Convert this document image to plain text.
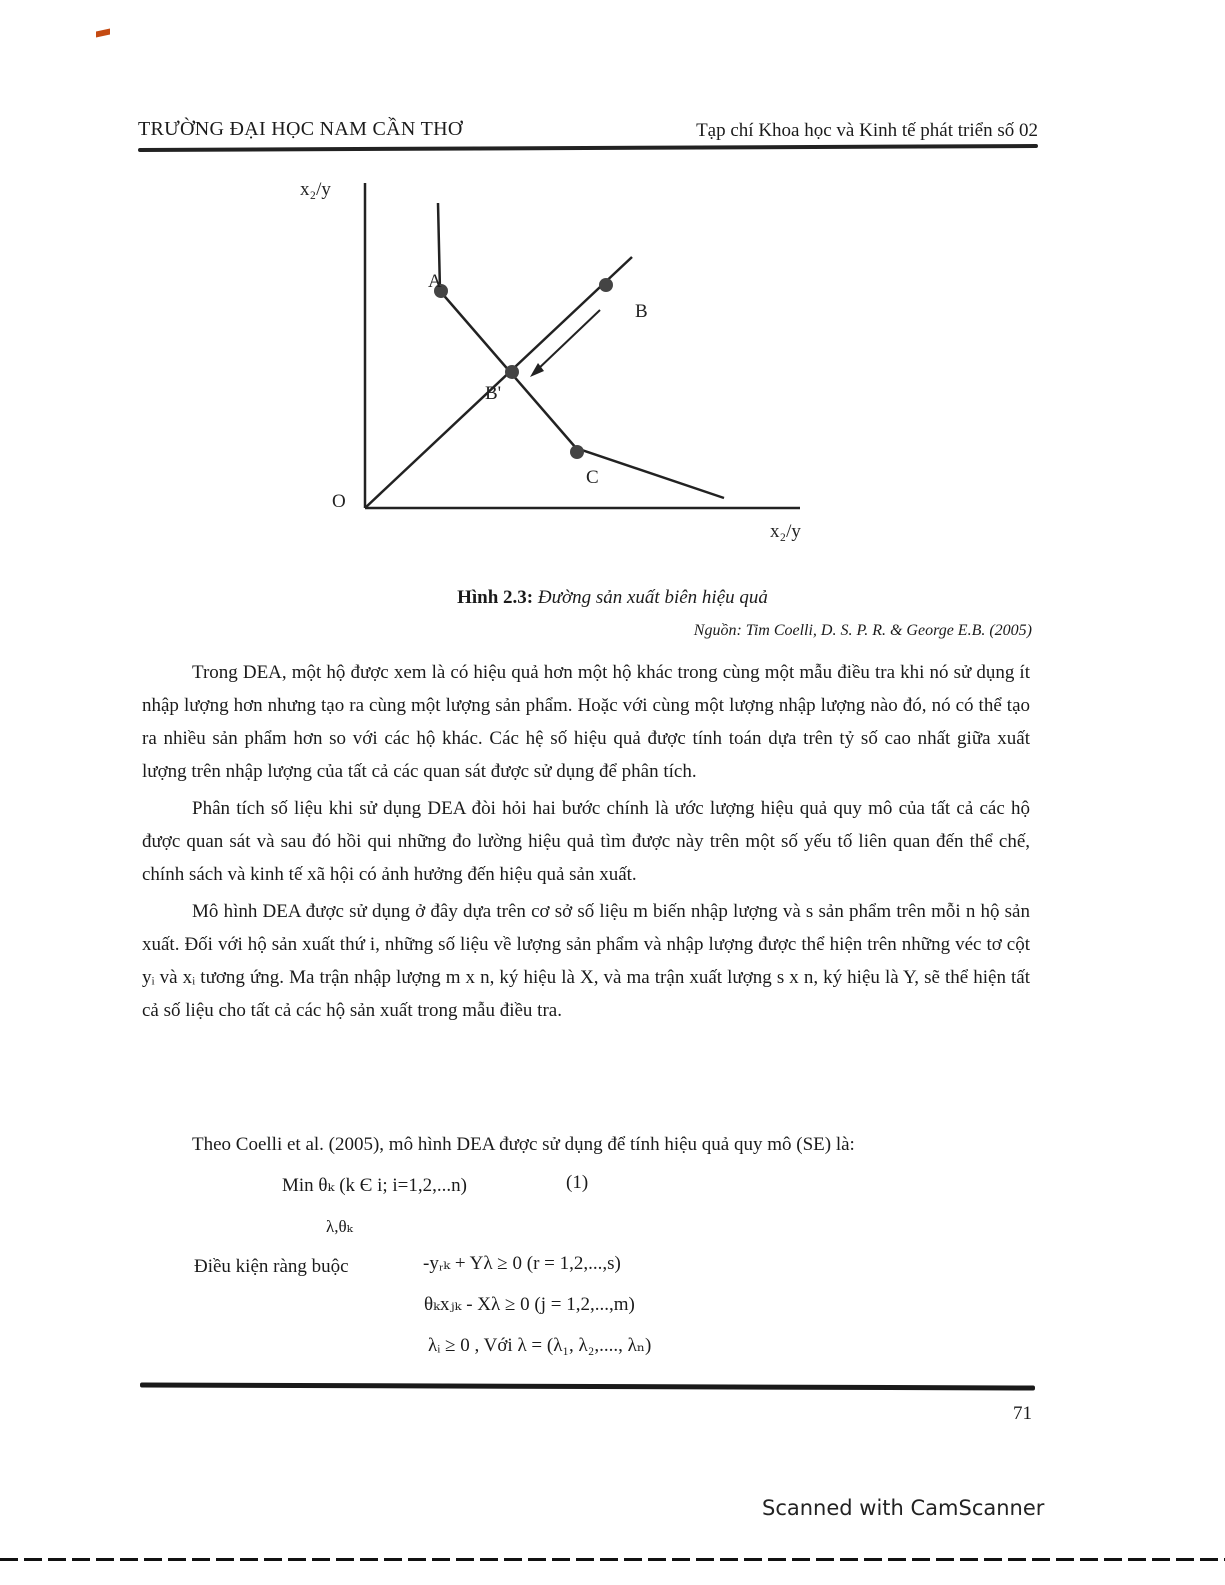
TRƯỜNG ĐẠI HỌC NAM CẦN THƠ	Tạp chí Khoa học và Kinh tế phát triển số 02
x₂/y
x₂/y
O
A
B
B'
C
Hình 2.3: Đường sản xuất biên hiệu quả
Nguồn: Tim Coelli, D. S. P. R. & George E.B. (2005)

Trong DEA, một hộ được xem là có hiệu quả hơn một hộ khác trong cùng một mẫu điều tra khi nó sử dụng ít nhập lượng hơn nhưng tạo ra cùng một lượng sản phẩm. Hoặc với cùng một lượng nhập lượng nào đó, nó có thể tạo ra nhiều sản phẩm hơn so với các hộ khác. Các hệ số hiệu quả được tính toán dựa trên tỷ số cao nhất giữa xuất lượng trên nhập lượng của tất cả các quan sát được sử dụng để phân tích.

Phân tích số liệu khi sử dụng DEA đòi hỏi hai bước chính là ước lượng hiệu quả quy mô của tất cả các hộ được quan sát và sau đó hồi qui những đo lường hiệu quả tìm được này trên một số yếu tố liên quan đến thể chế, chính sách và kinh tế xã hội có ảnh hưởng đến hiệu quả sản xuất.

Mô hình DEA được sử dụng ở đây dựa trên cơ sở số liệu m biến nhập lượng và s sản phẩm trên mỗi n hộ sản xuất. Đối với hộ sản xuất thứ i, những số liệu về lượng sản phẩm và nhập lượng được thể hiện trên những véc tơ cột yᵢ và xᵢ tương ứng. Ma trận nhập lượng m x n, ký hiệu là X, và ma trận xuất lượng s x n, ký hiệu là Y, sẽ thể hiện tất cả số liệu cho tất cả các hộ sản xuất trong mẫu điều tra.

Theo Coelli et al. (2005), mô hình DEA được sử dụng để tính hiệu quả quy mô (SE) là:
Min θₖ (k Є i; i=1,2,...n)	(1)
λ,θₖ
Điều kiện ràng buộc	-yᵣₖ + Yλ ≥ 0 (r = 1,2,...,s)
θₖxⱼₖ - Xλ ≥ 0 (j = 1,2,...,m)
λᵢ ≥ 0 , Với λ = (λ₁, λ₂,...., λₙ)
71
Scanned with CamScanner
